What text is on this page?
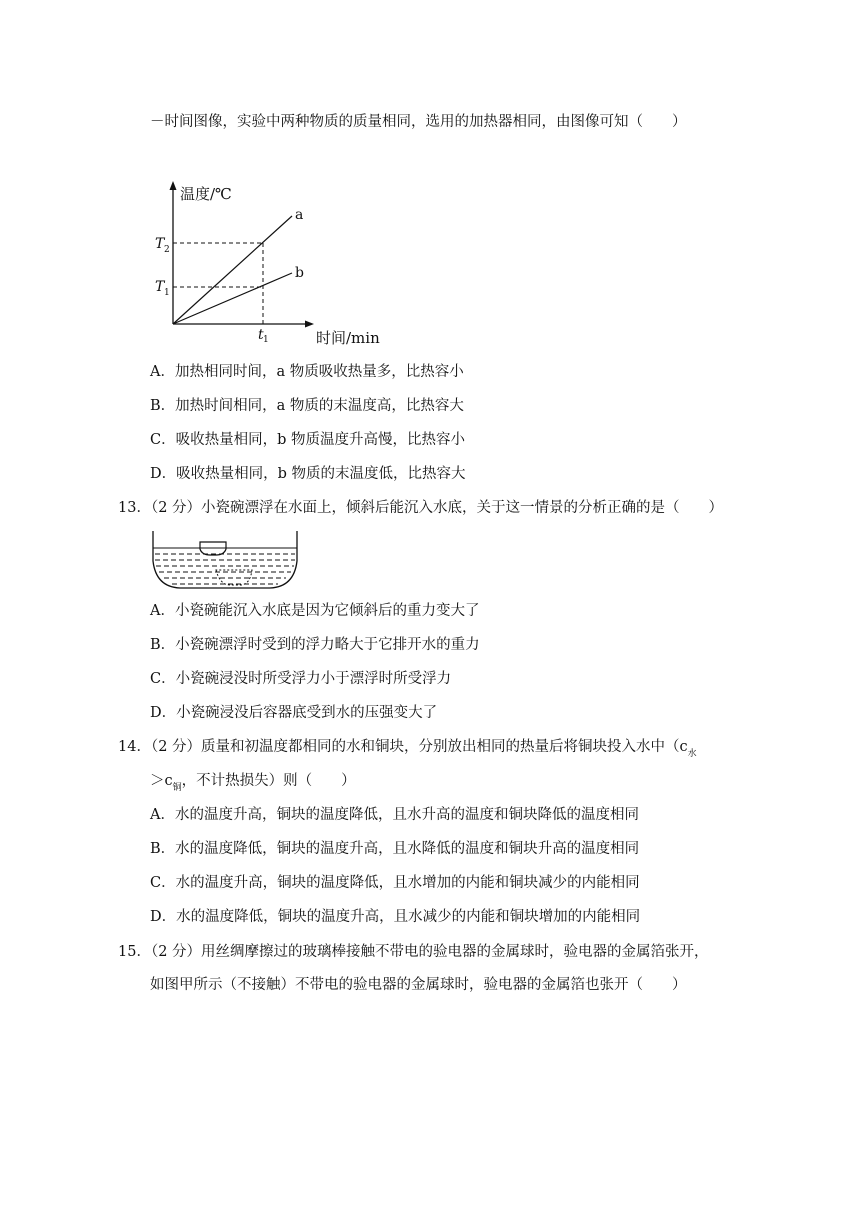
－时间图像，实验中两种物质的质量相同，选用的加热器相同，由图像可知（　　）
温度/℃
时间/min
a
b
T 2
T 1
t 1
A．加热相同时间，a 物质吸收热量多，比热容小
B．加热时间相同，a 物质的末温度高，比热容大
C．吸收热量相同，b 物质温度升高慢，比热容小
D．吸收热量相同，b 物质的末温度低，比热容大
13．（2 分）小瓷碗漂浮在水面上，倾斜后能沉入水底，关于这一情景的分析正确的是（　　）
A．小瓷碗能沉入水底是因为它倾斜后的重力变大了
B．小瓷碗漂浮时受到的浮力略大于它排开水的重力
C．小瓷碗浸没时所受浮力小于漂浮时所受浮力
D．小瓷碗浸没后容器底受到水的压强变大了
14．（2 分）质量和初温度都相同的水和铜块，分别放出相同的热量后将铜块投入水中（$c_水$
$>c_铜$，不计热损失）则（　　）
A．水的温度升高，铜块的温度降低，且水升高的温度和铜块降低的温度相同
B．水的温度降低，铜块的温度升高，且水降低的温度和铜块升高的温度相同
C．水的温度升高，铜块的温度降低，且水增加的内能和铜块减少的内能相同
D．水的温度降低，铜块的温度升高，且水减少的内能和铜块增加的内能相同
15．（2 分）用丝绸摩擦过的玻璃棒接触不带电的验电器的金属球时，验电器的金属箔张开，
如图甲所示（不接触）不带电的验电器的金属球时，验电器的金属箔也张开（　　）
